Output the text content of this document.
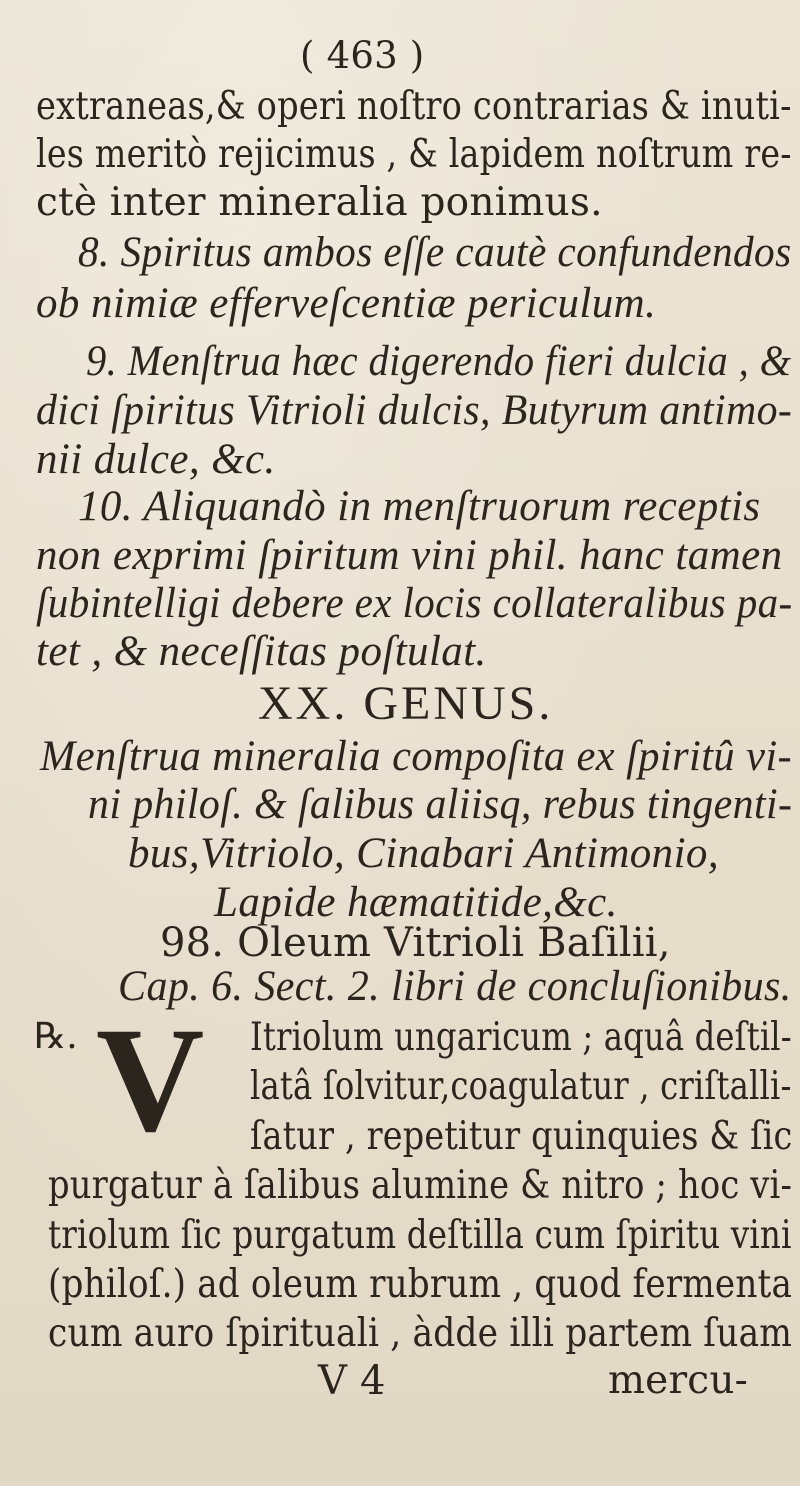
( 463 )
extraneas,& operi noſtro contrarias & inuti-
les meritò rejicimus , & lapidem noſtrum re-
ctè inter mineralia ponimus.
8. Spiritus ambos eſſe cautè confundendos
ob nimiæ efferveſcentiæ periculum.
9. Menſtrua hæc digerendo fieri dulcia , &
dici ſpiritus Vitrioli dulcis, Butyrum antimo-
nii dulce, &c.
10. Aliquandò in menſtruorum receptis
non exprimi ſpiritum vini phil. hanc tamen
ſubintelligi debere ex locis collateralibus pa-
tet , & neceſſitas poſtulat.
XX. GENUS.
Menſtrua mineralia compoſita ex ſpiritû vi-
ni philoſ. & ſalibus aliisq, rebus tingenti-
bus,Vitriolo, Cinabari Antimonio,
Lapide hæmatitide,&c.
98. Oleum Vitrioli Baſilii,
Cap. 6. Sect. 2. libri de concluſionibus.
℞. V Itriolum ungaricum ; aquâ deſtil-
latâ ſolvitur,coagulatur , criſtalli-
ſatur , repetitur quinquies & ſic
purgatur à ſalibus alumine & nitro ; hoc vi-
triolum ſic purgatum deſtilla cum ſpiritu vini
(philoſ.) ad oleum rubrum , quod fermenta
cum auro ſpirituali , àdde illi partem ſuam
V 4	mercu-
